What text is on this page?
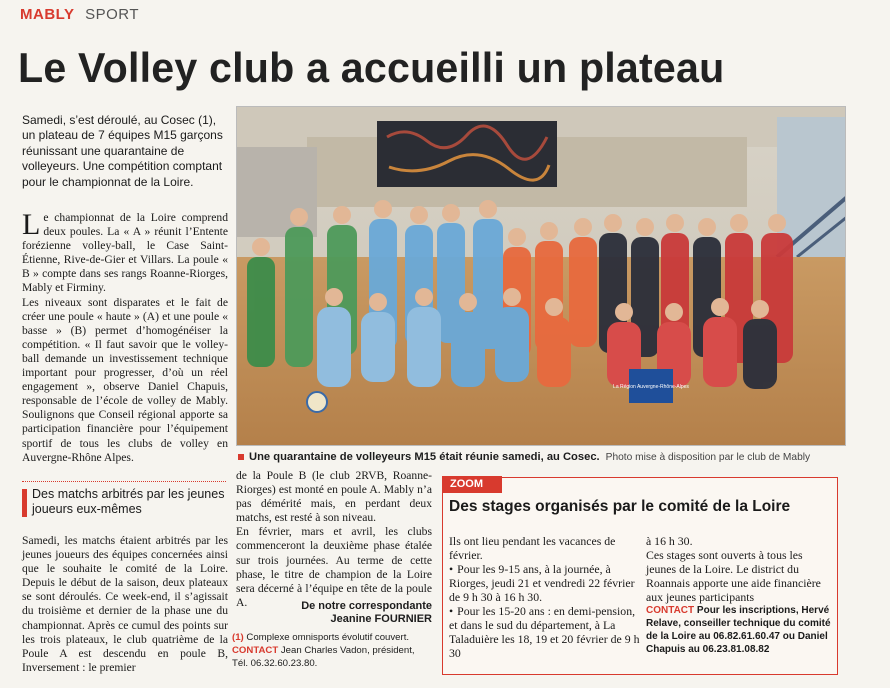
MABLY SPORT
Le Volley club a accueilli un plateau
Samedi, s’est déroulé, au Cosec (1), un plateau de 7 équipes M15 garçons réunissant une quarantaine de volleyeurs. Une compétition comptant pour le championnat de la Loire.

Le championnat de la Loire comprend deux poules. La « A » réunit l’Entente forézienne volley-ball, le Case Saint-Étienne, Rive-de-Gier et Villars. La poule « B » compte dans ses rangs Roanne-Riorges, Mably et Firminy.

Les niveaux sont disparates et le fait de créer une poule « haute » (A) et une poule « basse » (B) permet d’homogénéiser la compétition. « Il faut savoir que le volley-ball demande un investissement technique important pour progresser, d’où un réel engagement », observe Daniel Chapuis, responsable de l’école de volley de Mably. Soulignons que Conseil régional apporte sa participation financière pour l’équipement sportif de tous les clubs de volley en Auvergne-Rhône Alpes.

Des matchs arbitrés par les jeunes joueurs eux-mêmes
Samedi, les matchs étaient arbitrés par les jeunes joueurs des équipes concernées ainsi que le souhaite le comité de la Loire. Depuis le début de la saison, deux plateaux se sont déroulés. Ce week-end, il s’agissait du troisième et dernier de la phase une du championnat. Après ce cumul des points sur les trois plateaux, le club quatrième de la Poule A est descendu en poule B, Inversement : le premier
La Région Auvergne-Rhône-Alpes
Une quarantaine de volleyeurs M15 était réunie samedi, au Cosec. Photo mise à disposition par le club de Mably

de la Poule B (le club 2RVB, Roanne-Riorges) est monté en poule A. Mably n’a pas démérité mais, en perdant deux matchs, est resté à son niveau.

En février, mars et avril, les clubs commenceront la deuxième phase étalée sur trois journées. Au terme de cette phase, le titre de champion de la Loire sera décerné à l’équipe en tête de la poule A.	De notre correspondante
Jeanine FOURNIER
(1) Complexe omnisports évolutif couvert.
CONTACT Jean Charles Vadon, président, Tél. 06.32.60.23.80.
ZOOM
Des stages organisés par le comité de la Loire

Ils ont lieu pendant les vacances de février.

• Pour les 9-15 ans, à la journée, à Riorges, jeudi 21 et vendredi 22 février de 9 h 30 à 16 h 30.

• Pour les 15-20 ans : en demi-pension, et dans le sud du département, à La Taladuière les 18, 19 et 20 février de 9 h 30

à 16 h 30.

Ces stages sont ouverts à tous les jeunes de la Loire. Le district du Roannais apporte une aide financière aux jeunes participants

CONTACT Pour les inscriptions, Hervé Relave, conseiller technique du comité de la Loire au 06.82.61.60.47 ou Daniel Chapuis au 06.23.81.08.82
